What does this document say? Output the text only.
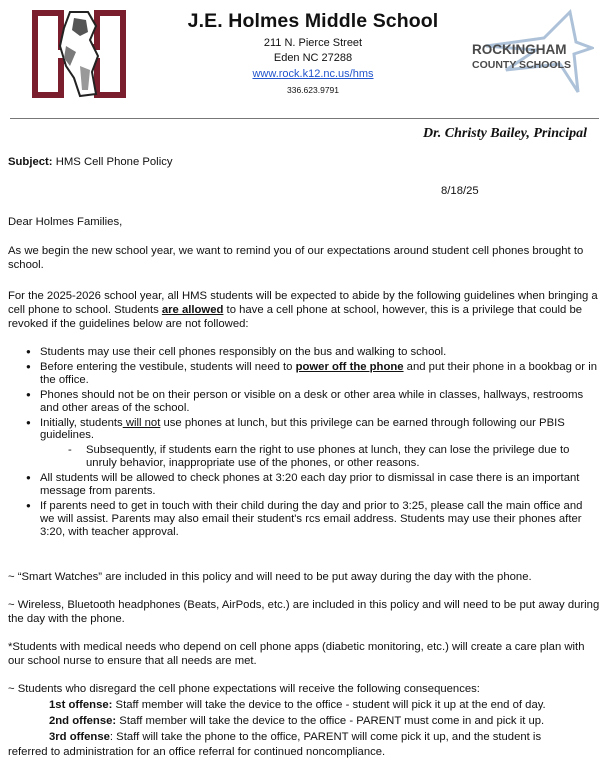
J.E. Holmes Middle School
211 N. Pierce Street
Eden NC 27288
www.rock.k12.nc.us/hms
336.623.9791
ROCKINGHAM
COUNTY SCHOOLS
Dr. Christy Bailey, Principal
Subject: HMS Cell Phone Policy
8/18/25
Dear Holmes Families,
As we begin the new school year, we want to remind you of our expectations around student cell phones brought to school.
For the 2025-2026 school year, all HMS students will be expected to abide by the following guidelines when bringing a cell phone to school. Students are allowed to have a cell phone at school, however, this is a privilege that could be revoked if the guidelines below are not followed:
● Students may use their cell phones responsibly on the bus and walking to school.
● Before entering the vestibule, students will need to power off the phone and put their phone in a bookbag or in the office.
● Phones should not be on their person or visible on a desk or other area while in classes, hallways, restrooms and other areas of the school.
● Initially, students will not use phones at lunch, but this privilege can be earned through following our PBIS guidelines.
- Subsequently, if students earn the right to use phones at lunch, they can lose the privilege due to unruly behavior, inappropriate use of the phones, or other reasons.
● All students will be allowed to check phones at 3:20 each day prior to dismissal in case there is an important message from parents.
● If parents need to get in touch with their child during the day and prior to 3:25, please call the main office and we will assist. Parents may also email their student's rcs email address. Students may use their phones after 3:20, with teacher approval.
~ “Smart Watches” are included in this policy and will need to be put away during the day with the phone.
~ Wireless, Bluetooth headphones (Beats, AirPods, etc.) are included in this policy and will need to be put away during the day with the phone.
*Students with medical needs who depend on cell phone apps (diabetic monitoring, etc.) will create a care plan with our school nurse to ensure that all needs are met.
~ Students who disregard the cell phone expectations will receive the following consequences:
1st offense: Staff member will take the device to the office - student will pick it up at the end of day.
2nd offense: Staff member will take the device to the office - PARENT must come in and pick it up.
3rd offense: Staff will take the phone to the office, PARENT will come pick it up, and the student is
referred to administration for an office referral for continued noncompliance.
